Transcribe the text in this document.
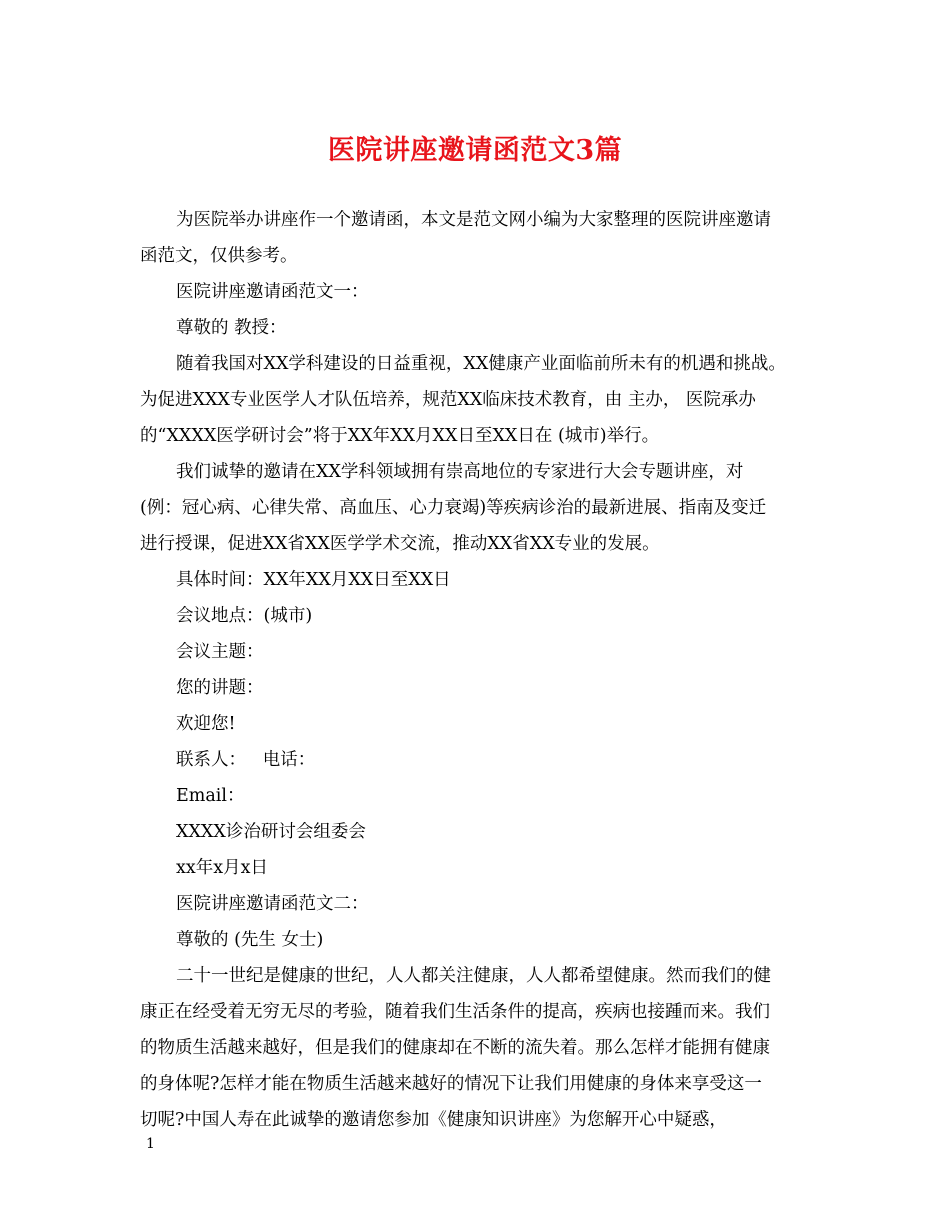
医院讲座邀请函范文3篇
为医院举办讲座作一个邀请函，本文是范文网小编为大家整理的医院讲座邀请
函范文，仅供参考。
医院讲座邀请函范文一：
尊敬的 教授：
随着我国对XX学科建设的日益重视，XX健康产业面临前所未有的机遇和挑战。
为促进XXX专业医学人才队伍培养，规范XX临床技术教育，由 主办， 医院承办
的“XXXX医学研讨会”将于XX年XX月XX日至XX日在 (城市)举行。
我们诚挚的邀请在XX学科领域拥有崇高地位的专家进行大会专题讲座，对
(例：冠心病、心律失常、高血压、心力衰竭)等疾病诊治的最新进展、指南及变迁
进行授课，促进XX省XX医学学术交流，推动XX省XX专业的发展。
具体时间：XX年XX月XX日至XX日
会议地点：(城市)
会议主题：
您的讲题：
欢迎您!
联系人：   电话：
Email：
XXXX诊治研讨会组委会
xx年x月x日
医院讲座邀请函范文二：
尊敬的 (先生 女士)
二十一世纪是健康的世纪，人人都关注健康，人人都希望健康。然而我们的健
康正在经受着无穷无尽的考验，随着我们生活条件的提高，疾病也接踵而来。我们
的物质生活越来越好，但是我们的健康却在不断的流失着。那么怎样才能拥有健康
的身体呢?怎样才能在物质生活越来越好的情况下让我们用健康的身体来享受这一
切呢?中国人寿在此诚挚的邀请您参加《健康知识讲座》为您解开心中疑惑，
1
